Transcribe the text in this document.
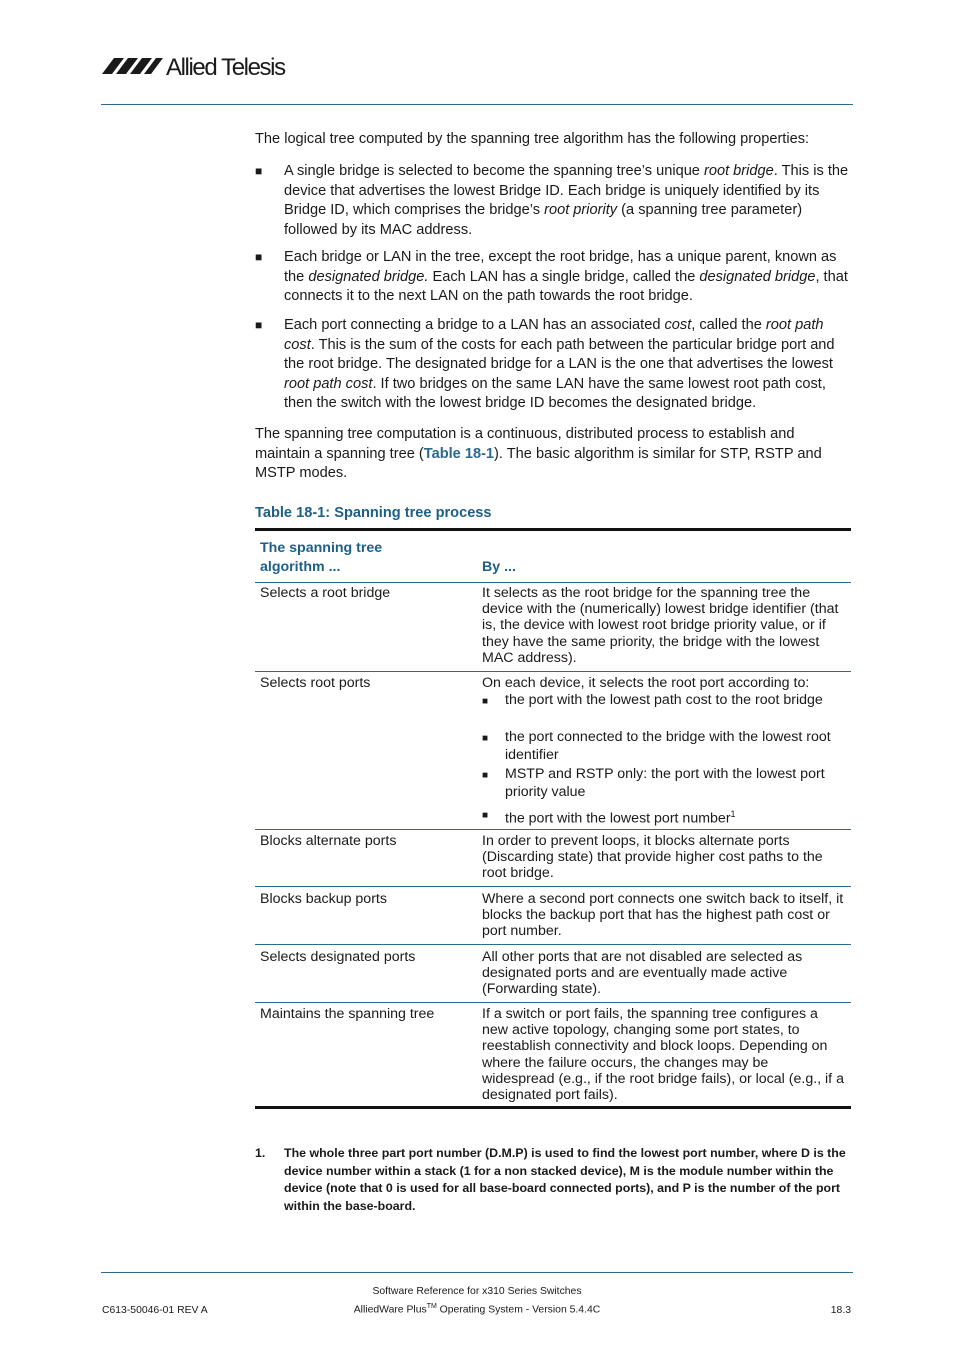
Allied Telesis
The logical tree computed by the spanning tree algorithm has the following properties:
■ A single bridge is selected to become the spanning tree’s unique root bridge. This is the device that advertises the lowest Bridge ID. Each bridge is uniquely identified by its Bridge ID, which comprises the bridge’s root priority (a spanning tree parameter) followed by its MAC address.
■ Each bridge or LAN in the tree, except the root bridge, has a unique parent, known as the designated bridge. Each LAN has a single bridge, called the designated bridge, that connects it to the next LAN on the path towards the root bridge.
■ Each port connecting a bridge to a LAN has an associated cost, called the root path cost. This is the sum of the costs for each path between the particular bridge port and the root bridge. The designated bridge for a LAN is the one that advertises the lowest root path cost. If two bridges on the same LAN have the same lowest root path cost, then the switch with the lowest bridge ID becomes the designated bridge.
The spanning tree computation is a continuous, distributed process to establish and maintain a spanning tree (Table 18-1). The basic algorithm is similar for STP, RSTP and MSTP modes.
Table 18-1: Spanning tree process
The spanning tree algorithm ...	By ...
Selects a root bridge	It selects as the root bridge for the spanning tree the device with the (numerically) lowest bridge identifier (that is, the device with lowest root bridge priority value, or if they have the same priority, the bridge with the lowest MAC address).
Selects root ports	On each device, it selects the root port according to:
■ the port with the lowest path cost to the root bridge
■ the port connected to the bridge with the lowest root identifier
■ MSTP and RSTP only: the port with the lowest port priority value
■ the port with the lowest port number$^1$
Blocks alternate ports	In order to prevent loops, it blocks alternate ports (Discarding state) that provide higher cost paths to the root bridge.
Blocks backup ports	Where a second port connects one switch back to itself, it blocks the backup port that has the highest path cost or port number.
Selects designated ports	All other ports that are not disabled are selected as designated ports and are eventually made active (Forwarding state).
Maintains the spanning tree	If a switch or port fails, the spanning tree configures a new active topology, changing some port states, to reestablish connectivity and block loops. Depending on where the failure occurs, the changes may be widespread (e.g., if the root bridge fails), or local (e.g., if a designated port fails).
1. The whole three part port number (D.M.P) is used to find the lowest port number, where D is the device number within a stack (1 for a non stacked device), M is the module number within the device (note that 0 is used for all base-board connected ports), and P is the number of the port within the base-board.
C613-50046-01 REV A
Software Reference for x310 Series Switches
AlliedWare Plus™ Operating System - Version 5.4.4C	18.3
